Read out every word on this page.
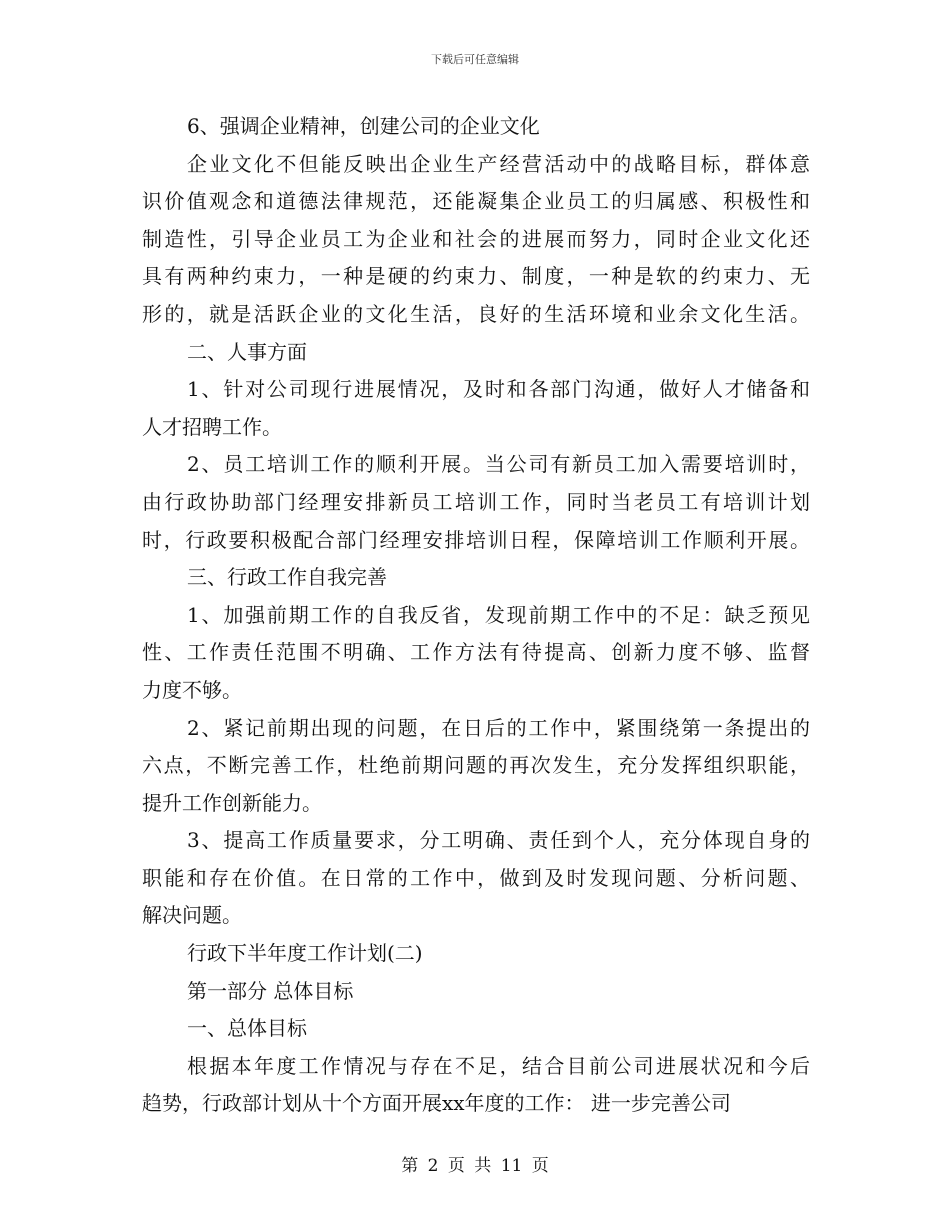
下载后可任意编辑
6、强调企业精神，创建公司的企业文化
企业文化不但能反映出企业生产经营活动中的战略目标，群体意
识价值观念和道德法律规范，还能凝集企业员工的归属感、积极性和
制造性，引导企业员工为企业和社会的进展而努力，同时企业文化还
具有两种约束力，一种是硬的约束力、制度，一种是软的约束力、无
形的，就是活跃企业的文化生活，良好的生活环境和业余文化生活。
二、人事方面
1、针对公司现行进展情况，及时和各部门沟通，做好人才储备和
人才招聘工作。
2、员工培训工作的顺利开展。当公司有新员工加入需要培训时，
由行政协助部门经理安排新员工培训工作，同时当老员工有培训计划
时，行政要积极配合部门经理安排培训日程，保障培训工作顺利开展。
三、行政工作自我完善
1、加强前期工作的自我反省，发现前期工作中的不足：缺乏预见
性、工作责任范围不明确、工作方法有待提高、创新力度不够、监督
力度不够。
2、紧记前期出现的问题，在日后的工作中，紧围绕第一条提出的
六点，不断完善工作，杜绝前期问题的再次发生，充分发挥组织职能，
提升工作创新能力。
3、提高工作质量要求，分工明确、责任到个人，充分体现自身的
职能和存在价值。在日常的工作中，做到及时发现问题、分析问题、
解决问题。
行政下半年度工作计划(二)
第一部分 总体目标
一、总体目标
根据本年度工作情况与存在不足，结合目前公司进展状况和今后
趋势，行政部计划从十个方面开展xx年度的工作： 进一步完善公司
第 2 页 共 11 页
